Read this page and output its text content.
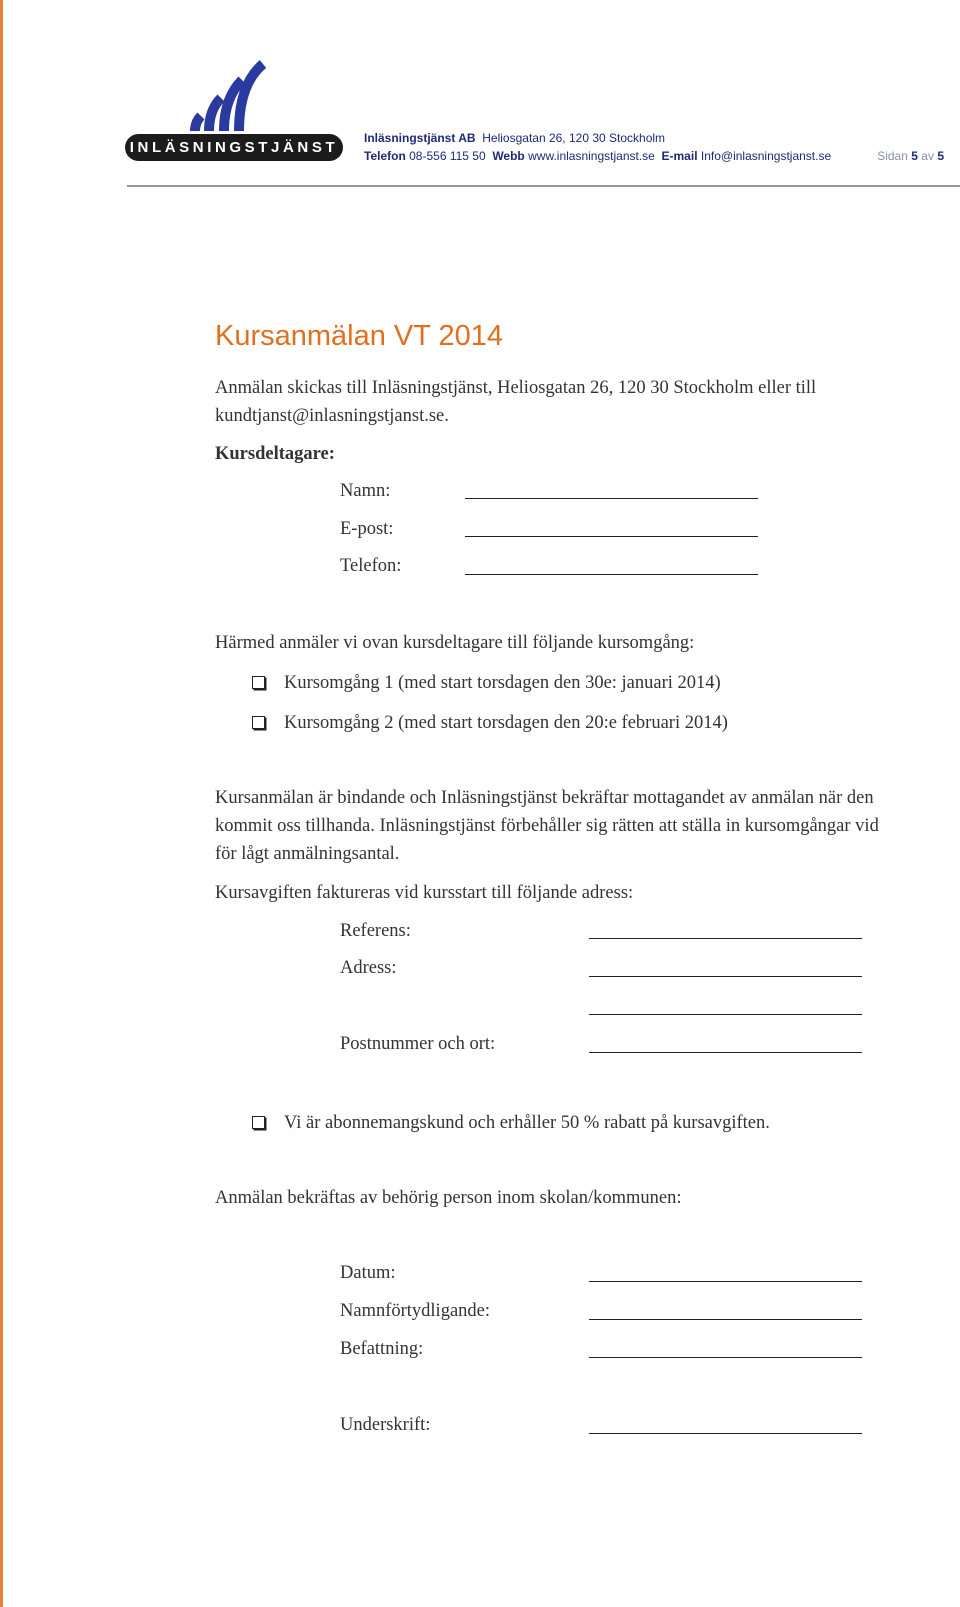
INLÄSNINGSTJÄNST AB
Inläsningstjänst AB Heliosgatan 26, 120 30 Stockholm
Telefon 08-556 115 50 Webb www.inlasningstjanst.se E-mail Info@inlasningstjanst.se	Sidan 5 av 5
Kursanmälan VT 2014
Anmälan skickas till Inläsningstjänst, Heliosgatan 26, 120 30 Stockholm eller till
kundtjanst@inlasningstjanst.se.
Kursdeltagare:
Namn:
E-post:
Telefon:
Härmed anmäler vi ovan kursdeltagare till följande kursomgång:
Kursomgång 1 (med start torsdagen den 30e: januari 2014)
Kursomgång 2 (med start torsdagen den 20:e februari 2014)
Kursanmälan är bindande och Inläsningstjänst bekräftar mottagandet av anmälan när den
kommit oss tillhanda. Inläsningstjänst förbehåller sig rätten att ställa in kursomgångar vid
för lågt anmälningsantal.
Kursavgiften faktureras vid kursstart till följande adress:
Referens:
Adress:
Postnummer och ort:
Vi är abonnemangskund och erhåller 50 % rabatt på kursavgiften.
Anmälan bekräftas av behörig person inom skolan/kommunen:
Datum:
Namnförtydligande:
Befattning:
Underskrift:
